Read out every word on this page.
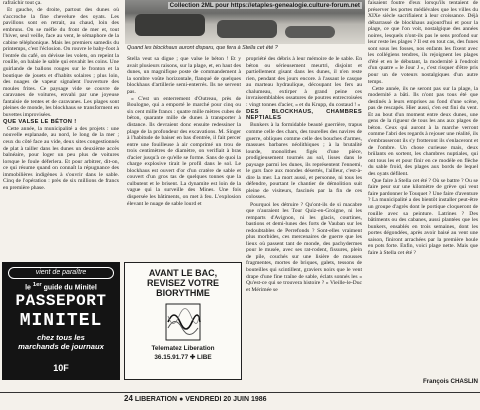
Collection 2ML pour https://etaples-genealogie.culture-forum.net
Quand les blockhaus auront disparu, que fera à Stella cet été ?

rafraîchir tout ça.

Et gauche, de droite, partout des dunes où s'accroche la fine chevelure des oyats. Les pavillons sont en retrait, au chaud, loin des embruns. On se méfie du front de mer et, tout l'hiver, seul veille, face au vent, le sémaphore de la cabine téléphonique. Mais les premiers samedis du printemps, c'est l'éclosion. On rouvre le baby-foot à l'entrée du café, on dévisse les volets, on repeint la rouille, on balaie le sable qui envahit les coins. Une guirlande de ballons rouges sur le fronton et la boutique de jouets et d'habits solaires ; plus loin, des nuages de vapeur signalent l'ouverture des moules frites. Ce paysage vide se couvre de caravanes de voitures, envahi par une joyeuse fantaisie de tentes et de caravanes. Les plages sont pleines de monde, les blockhaus se transforment en buvettes improvisées.

QUE VALSE LE BÉTON !

Cette année, la municipalité a des projets : une nouvelle esplanade, au nord, le long de la mer ; ceux du côté face au vide, deux sites congestionnés de plat à tailler dans les dunes un deuxième accès balnéaire, pour loger un peu plus de voitures lorsque le foule déferlera. Et pour arbitrer, dit-on, ce qui résume quand on connaît la répugnance des immobilières indigènes à s'ouvrir dans le sable. Cinq de l'opération : près de six millions de francs en première phase.

Stella veut sa digue ; que valse le béton ! Et y avait plusieurs raisons, sur la plage, et, en haut des dunes, un magnifique poste de commandement à la sombre voûte horizontale, flanqué de quelques blockhaus d'artillerie semi-enterrés. Ils ne servent pas.

« C'est un enterrement d'Outreau, près de Boulogne, qui a emporté le marché pour cinq ou six cent mille francs : quatre mille mètres cubes de béton, quarante mille de dunes à transporter à distance. Ils devraient donc ensuite redessiner la plage de la profondeur des excavations. M. Singer à l'habitude de baiser en bas d'entrée, il fait percer entre une fouilleuse à air comprimé un trou de trois centimètres de diamètre, on verifiait à bras d'acier jusqu'à ce qu'elle se forme. Sans de quoi la charge explosive tirait le profil dans le sol. Le blockhaus est ouvert d'or d'un cratère de sable et couvert d'un gros tas de quelques tonnes que la culbutent et le brisent. La dynamite est loin de la vague qui la surveille des Mines. Une fois dispersée les bâtiments, on met à feu. L'explosion élevant le nuage de sable lourd et

propriété des débris à leur mémoire de le sable. En béton ou sérieusement meurtri, disjoint et partiellement gisant dans les dunes, il n'en reste rien, pendant des jours encore. à l'assaut le casque au marteau hydraulique, découpant les fers au chalumeau, extirper à grand peine ces invraisemblables ossatures de poutres entrecroisées : vingt tonnes d'acier, « et du Krupp, du costaud ! »

DES BLOCKHAUS, CHAMBRES NEPTIALES

Bunkers à la formidable beauté guerrière, trapus comme celle des chars, des tourelles des navires de guerre, obliques comme celle des bouches d'armes, massues barbares néolithiques ; à la brutalité lourde, monolithes figés d'une pièce, prodigieusement tournés au sol, lisses dans le paysage parmi les dunes, ils représentent l'ennemi, le gars face aux mondes désertés, l'ailleur, c'est-à-dire la mer. La mort aussi, et personne, ni tous les défendre, pourtant le chantier de démolition suit pleine de visiteurs, fascinés par la fin de ces colosses.

Pourquoi les détruire ? Qu'ont-ils de si macabre que n'auraient les Tour Quiz-en-Groigne, ni les remparts d'Avignon, ni les glacis, courtines, bastions et demi-lunes des forts de Vauban sur les redoubtables de Perrefonds ? Sont-elles vraiment plus morbides, ces mercenaires de guerre que les lieux où passent tant de monde, des pachydermes pour le musée, avec ses rat-rodent, fissures, plein de pile, couchés sur une lisière de mousses fragmentes, mortes de briques, galets, tessons de bouteilles qui scintillent, graviers noirs que le vent drape d'une fine traîne de sable, éclats sonnés les « Qu'est-ce qui se trouvera histoire ? » Vieille-le-Duc et Mérimée se

faisaient foutre d'eux lorsqu'ils tentaient de préserver les portes médiévales que les villes du XIXe siècle sacrifiaient à leur croissance. Déjà débarrassé de blockhaus aujourd'hui et pour la plage, ce que l'on voit, nostalgique des années noires, lesquels n'ont-ils pas le sens profond sur leur reste les plages ? Il est en tout cas, des funes sont sous les fosses, nos enfants les fixent avec les collégiens tendres, ils rejoignent les plages d'été et en le débutant, la modernité à l'endroit d'un quatre « le Jour J », c'est risquer d'être pris pour un de voteurs nostalgiques d'un autre temps.

Cette année, ils ne seront pas sur la plage, la modernité a bâti. Ils n'ont pas tous été que destinés à leurs emprises au fond d'une scène, pas de rescapés. Hier aussi, c'en est fini du vent. Et au bout d'un moment entre deux dunes, une gens de la rigueur de tous les ans aux plages de béton. Ceux qui auront à la marche verront comme l'abri des regards à rejouer une réalité, ils s'embrasseront ils s'y frotteront ils s'enlaceront et de l'ombre. Un chose curieuse mais, deux brûlants en sortent, les chambres nuptiales, qui ont tous les et pour finir en ce modèle en flèche du sable froid, des plages aux bords de lequel des oyats défilent.

Que faire à Stella cet été ? Où se battre ? Ou se faire peur sur une kilomètre de grève qui veut faire pardonner le Touquet ? Une faire d'aventure ? La municipalité a des bientôt installer peut-être un groupe d'agrès dont le portique cloqueront de rouille avec sa peinture. Latrines ? Des bâtiments ou des cabanes, aussi plantées que les bunkers, ensablés en trois semaines, dont les portes dégondées, après avoir baisé au vent une saison, finiront arrachées par la première houle en pots forte. Enfin, voici plage nette. Mais que faire à Stella cet été ?

vient de paraître
le $^{1er}$ guide du Minitel
PASSEPORT
MINITEL
chez tous les
marchands de journaux
10F
AVANT LE BAC,
REVISEZ VOTRE
BIORYTHME
Telematez Liberation
36.15.91.77 ✚ LIBE
François CHASLIN
24 LIBERATION ● VENDREDI 20 JUIN 1986
